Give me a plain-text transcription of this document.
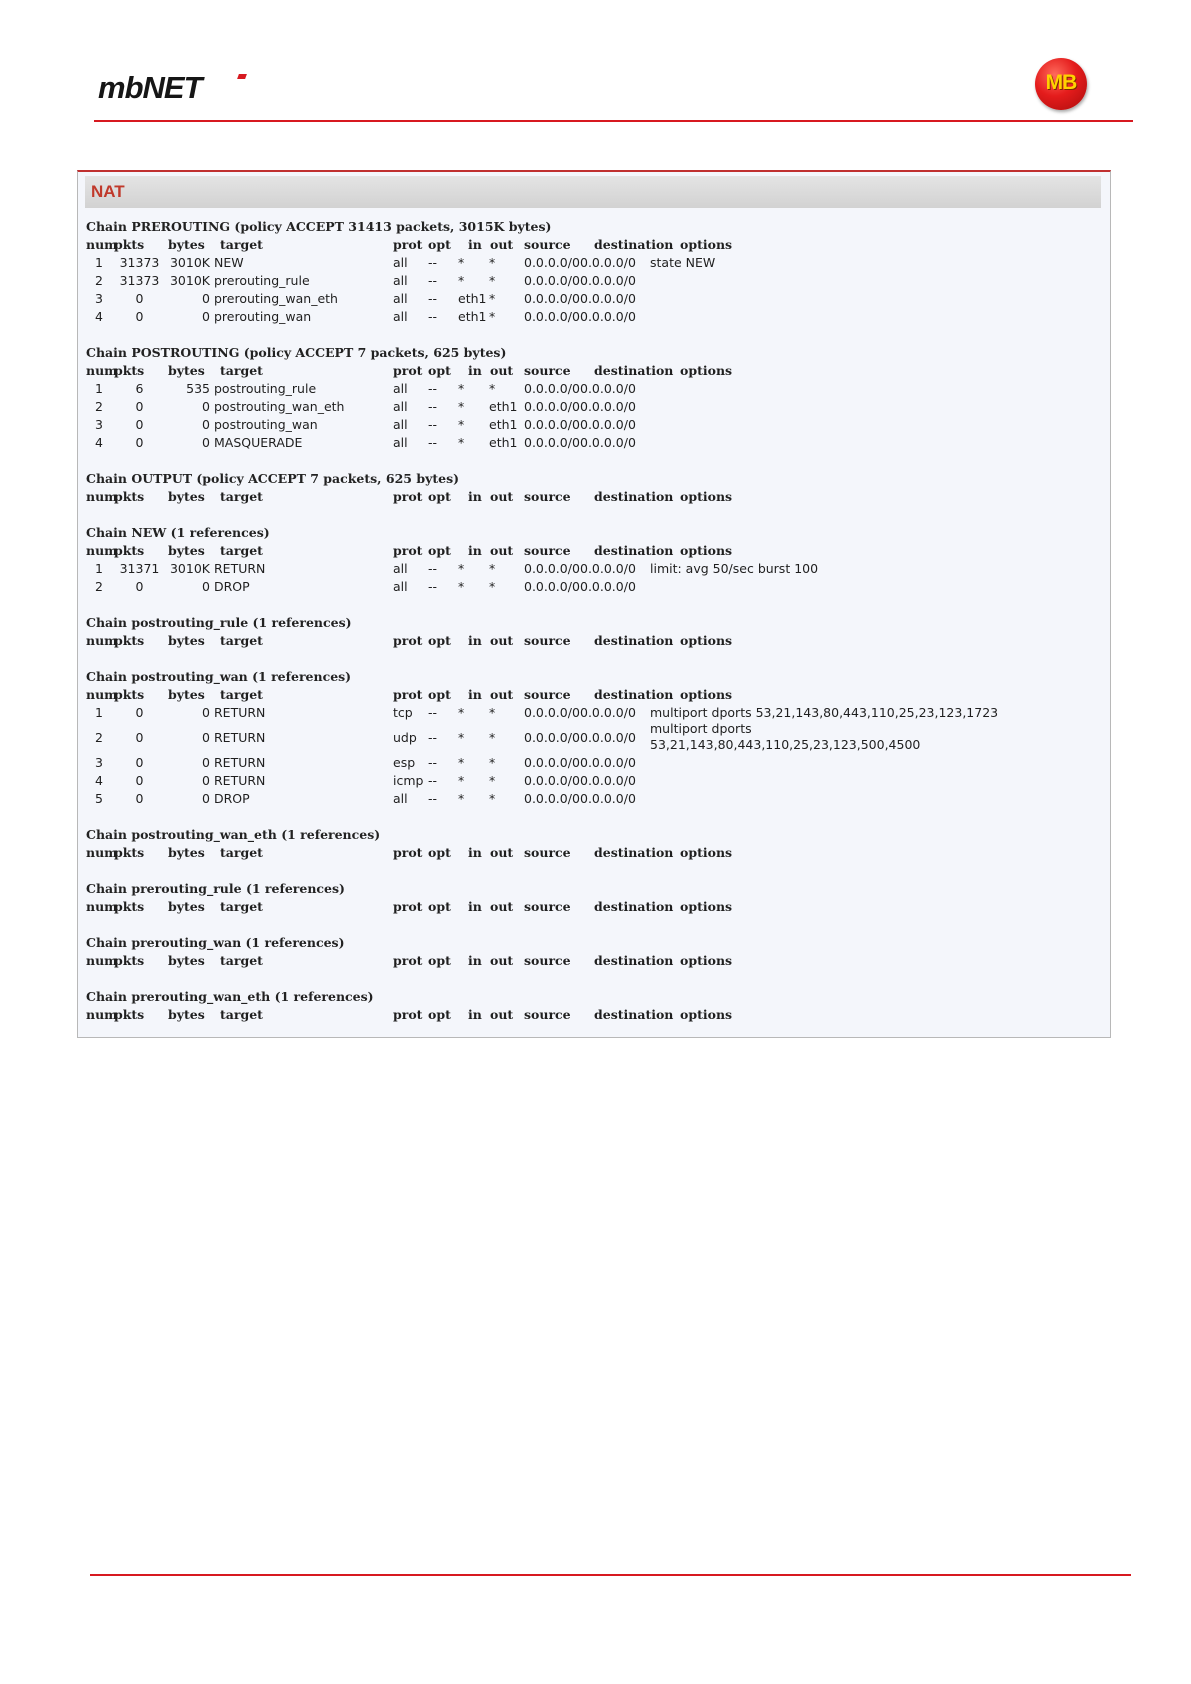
mbNET	MB
NAT
Chain PREROUTING (policy ACCEPT 31413 packets, 3015K bytes)
num
pkts bytes target	prot opt in out source destination options
1	31373 3010K NEW	all -- * * 0.0.0.0/0 0.0.0.0/0 state NEW
2	31373 3010K prerouting_rule	all -- * * 0.0.0.0/0 0.0.0.0/0
3	0	0 prerouting_wan_eth	all -- eth1 * 0.0.0.0/0 0.0.0.0/0
4	0	0 prerouting_wan	all -- eth1 * 0.0.0.0/0 0.0.0.0/0
Chain POSTROUTING (policy ACCEPT 7 packets, 625 bytes)
num
pkts bytes target	prot opt in out source destination options
1	6	535 postrouting_rule	all -- * * 0.0.0.0/0 0.0.0.0/0
2	0	0 postrouting_wan_eth	all -- * eth1 0.0.0.0/0 0.0.0.0/0
3	0	0 postrouting_wan	all -- * eth1 0.0.0.0/0 0.0.0.0/0
4	0	0 MASQUERADE	all -- * eth1 0.0.0.0/0 0.0.0.0/0
Chain OUTPUT (policy ACCEPT 7 packets, 625 bytes)
num
pkts bytes target	prot opt in out source destination options
Chain NEW (1 references)
num
pkts bytes target	prot opt in out source destination options
1	31371 3010K RETURN	all -- * * 0.0.0.0/0 0.0.0.0/0 limit: avg 50/sec burst 100
2	0	0 DROP	all -- * * 0.0.0.0/0 0.0.0.0/0
Chain postrouting_rule (1 references)
num
pkts bytes target	prot opt in out source destination options
Chain postrouting_wan (1 references)
num
pkts bytes target	prot opt in out source destination options
1	0	0 RETURN	tcp -- * * 0.0.0.0/0 0.0.0.0/0 multiport dports 53,21,143,80,443,110,25,23,123,1723
2	0	0 RETURN	udp -- * * 0.0.0.0/0 0.0.0.0/0
multiport dports
53,21,143,80,443,110,25,23,123,500,4500
3	0	0 RETURN	esp -- * * 0.0.0.0/0 0.0.0.0/0
4	0	0 RETURN	icmp -- * * 0.0.0.0/0 0.0.0.0/0
5	0	0 DROP	all -- * * 0.0.0.0/0 0.0.0.0/0
Chain postrouting_wan_eth (1 references)
num
pkts bytes target	prot opt in out source destination options
Chain prerouting_rule (1 references)
num
pkts bytes target	prot opt in out source destination options
Chain prerouting_wan (1 references)
num
pkts bytes target	prot opt in out source destination options
Chain prerouting_wan_eth (1 references)
num
pkts bytes target	prot opt in out source destination options
